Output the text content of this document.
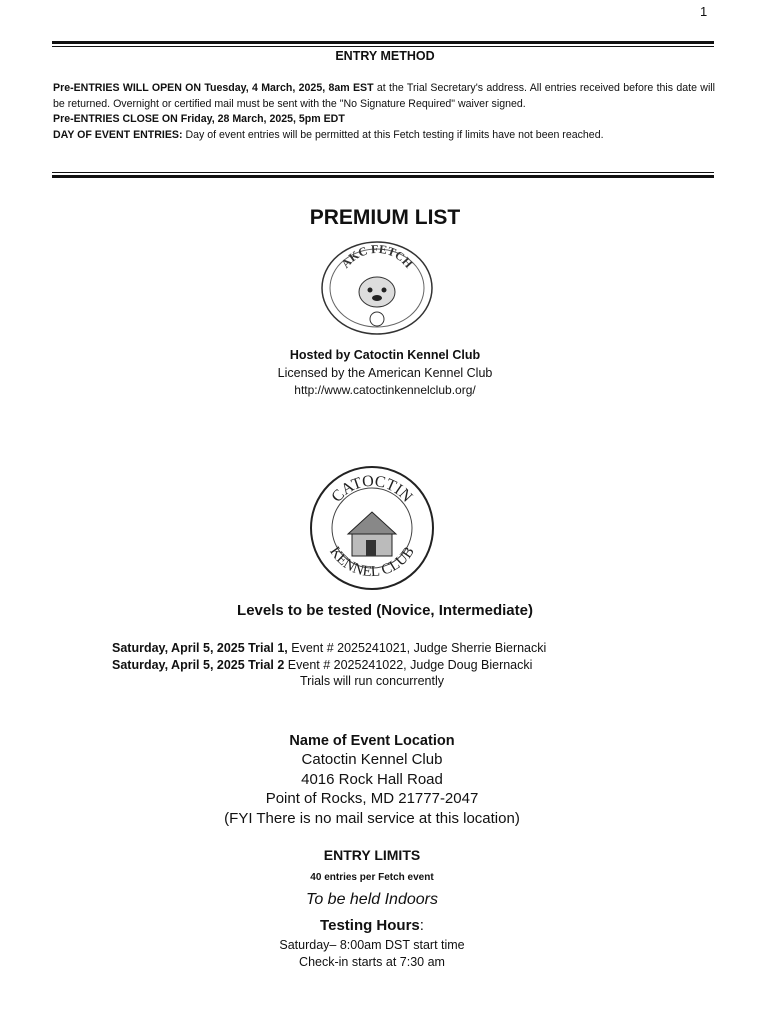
1
ENTRY METHOD
Pre-ENTRIES WILL OPEN ON Tuesday, 4 March, 2025, 8am EST at the Trial Secretary's address. All entries received before this date will be returned. Overnight or certified mail must be sent with the "No Signature Required" waiver signed.
Pre-ENTRIES CLOSE ON Friday, 28 March, 2025, 5pm EDT
DAY OF EVENT ENTRIES: Day of event entries will be permitted at this Fetch testing if limits have not been reached.
PREMIUM LIST
AKC FETCH
Hosted by Catoctin Kennel Club
Licensed by the American Kennel Club
http://www.catoctinkennelclub.org/
CATOCTIN
KENNEL CLUB
Levels to be tested (Novice, Intermediate)
Saturday, April 5, 2025 Trial 1, Event # 2025241021, Judge Sherrie Biernacki
Saturday, April 5, 2025 Trial 2 Event # 2025241022, Judge Doug Biernacki
Trials will run concurrently
Name of Event Location
Catoctin Kennel Club
4016 Rock Hall Road
Point of Rocks, MD 21777-2047
(FYI There is no mail service at this location)
ENTRY LIMITS
40 entries per Fetch event
To be held Indoors
Testing Hours:
Saturday– 8:00am DST start time
Check-in starts at 7:30 am
